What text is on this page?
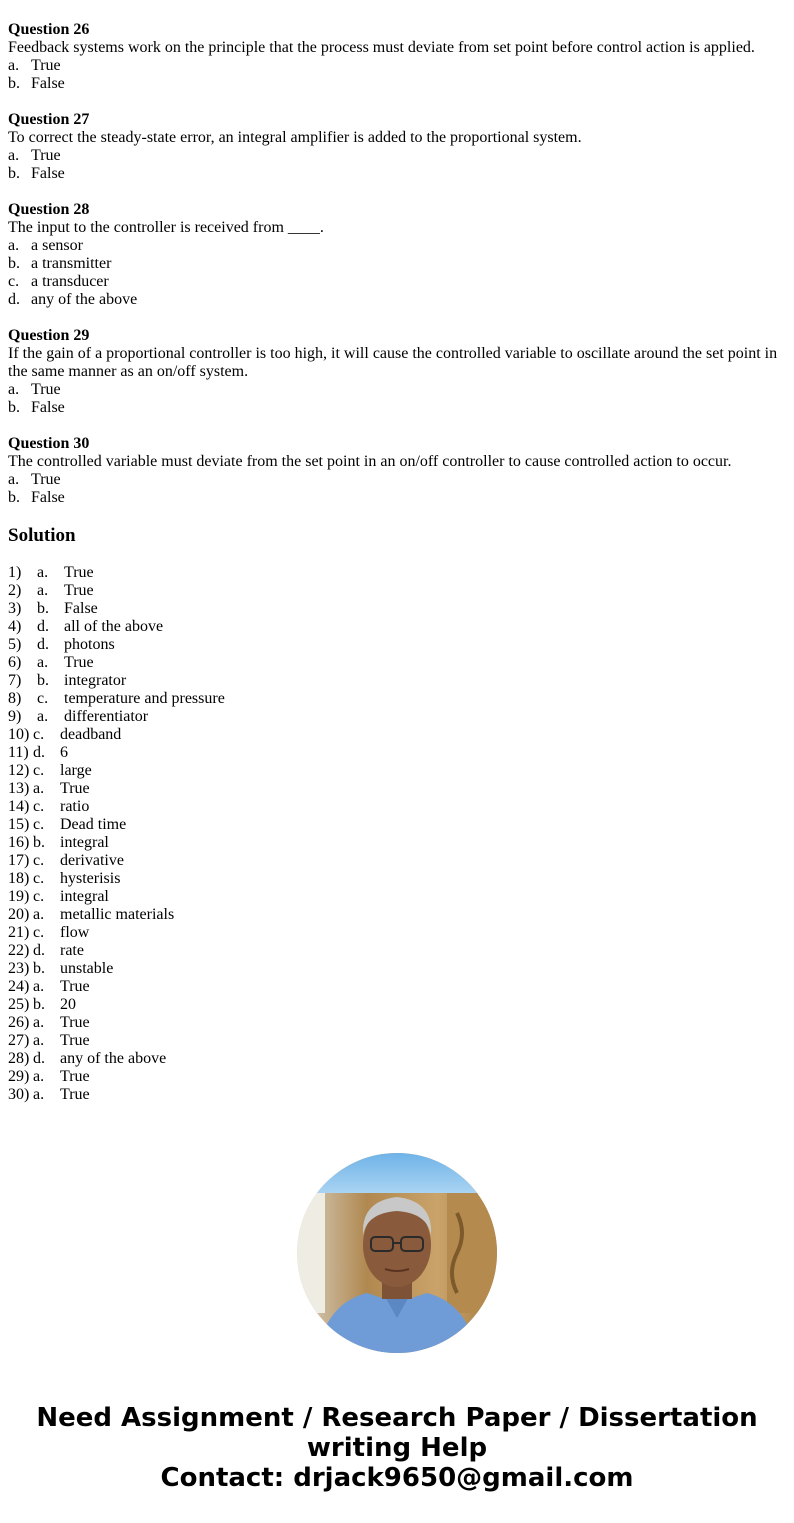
Question 26
Feedback systems work on the principle that the process must deviate from set point before control action is applied.
a. True
b. False
Question 27
To correct the steady-state error, an integral amplifier is added to the proportional system.
a. True
b. False
Question 28
The input to the controller is received from ____.
a. a sensor
b. a transmitter
c. a transducer
d. any of the above
Question 29
If the gain of a proportional controller is too high, it will cause the controlled variable to oscillate around the set point in the same manner as an on/off system.
a. True
b. False
Question 30
The controlled variable must deviate from the set point in an on/off controller to cause controlled action to occur.
a. True
b. False
Solution
1) a. True
2) a. True
3) b. False
4) d. all of the above
5) d. photons
6) a. True
7) b. integrator
8) c. temperature and pressure
9) a. differentiator
10) c. deadband
11) d. 6
12) c. large
13) a. True
14) c. ratio
15) c. Dead time
16) b. integral
17) c. derivative
18) c. hysterisis
19) c. integral
20) a. metallic materials
21) c. flow
22) d. rate
23) b. unstable
24) a. True
25) b. 20
26) a. True
27) a. True
28) d. any of the above
29) a. True
30) a. True
Need Assignment / Research Paper / Dissertation
writing Help
Contact: drjack9650@gmail.com
